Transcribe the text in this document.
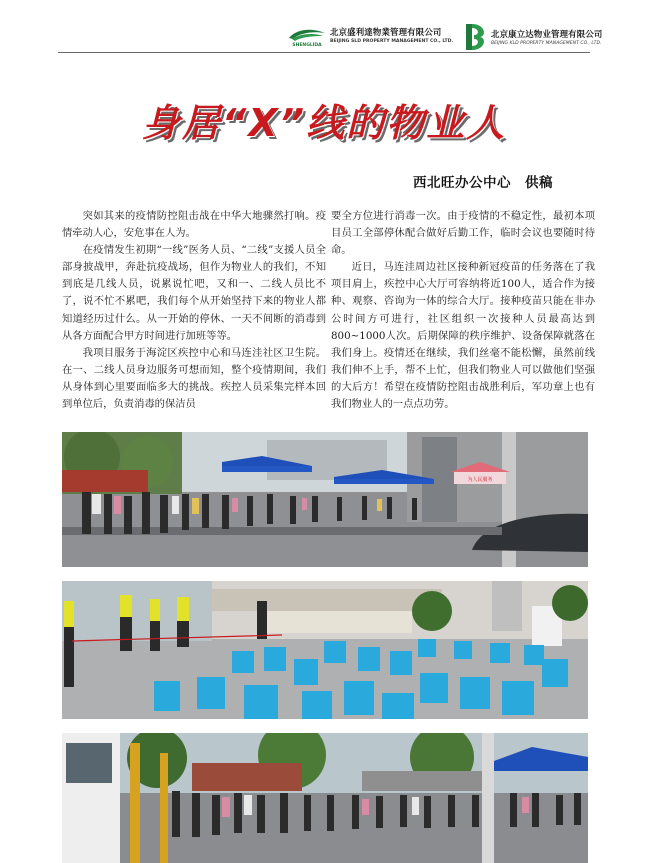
SHENGLIDA
北京盛利達物業管理有限公司
BEIJING SLD PROPERTY MANAGEMENT CO., LTD.
北京康立达物业管理有限公司
BEIJING KLD PROPERTY MANAGEMENT CO., LTD.
身居“X”线的物业人
西北旺办公中心　供稿

突如其来的疫情防控阻击战在中华大地骤然打响。疫情牵动人心，安危事在人为。

在疫情发生初期“一线”医务人员、“二线”支援人员全部身披战甲，奔赴抗疫战场，但作为物业人的我们，不知到底是几线人员，说累说忙吧，又和一、二线人员比不了，说不忙不累吧，我们每个从开始坚持下来的物业人都知道经历过什么。从一开始的停休、一天不间断的消毒到从各方面配合甲方时间进行加班等等。

我项目服务于海淀区疾控中心和马连洼社区卫生院。在一、二线人员身边服务可想而知，整个疫情期间，我们从身体到心里要面临多大的挑战。疾控人员采集完样本回到单位后，负责消毒的保洁员

要全方位进行消毒一次。由于疫情的不稳定性，最初本项目员工全部停休配合做好后勤工作，临时会议也要随时待命。

近日，马连洼周边社区接种新冠疫苗的任务落在了我项目肩上，疾控中心大厅可容纳将近100人，适合作为接种、观察、咨询为一体的综合大厅。接种疫苗只能在非办公时间方可进行，社区组织一次接种人员最高达到800~1000人次。后期保障的秩序维护、设备保障就落在我们身上。疫情还在继续，我们丝毫不能松懈，虽然前线我们伸不上手，帮不上忙，但我们物业人可以做他们坚强的大后方！希望在疫情防控阻击战胜利后，军功章上也有我们物业人的一点点功劳。

为人民服务
